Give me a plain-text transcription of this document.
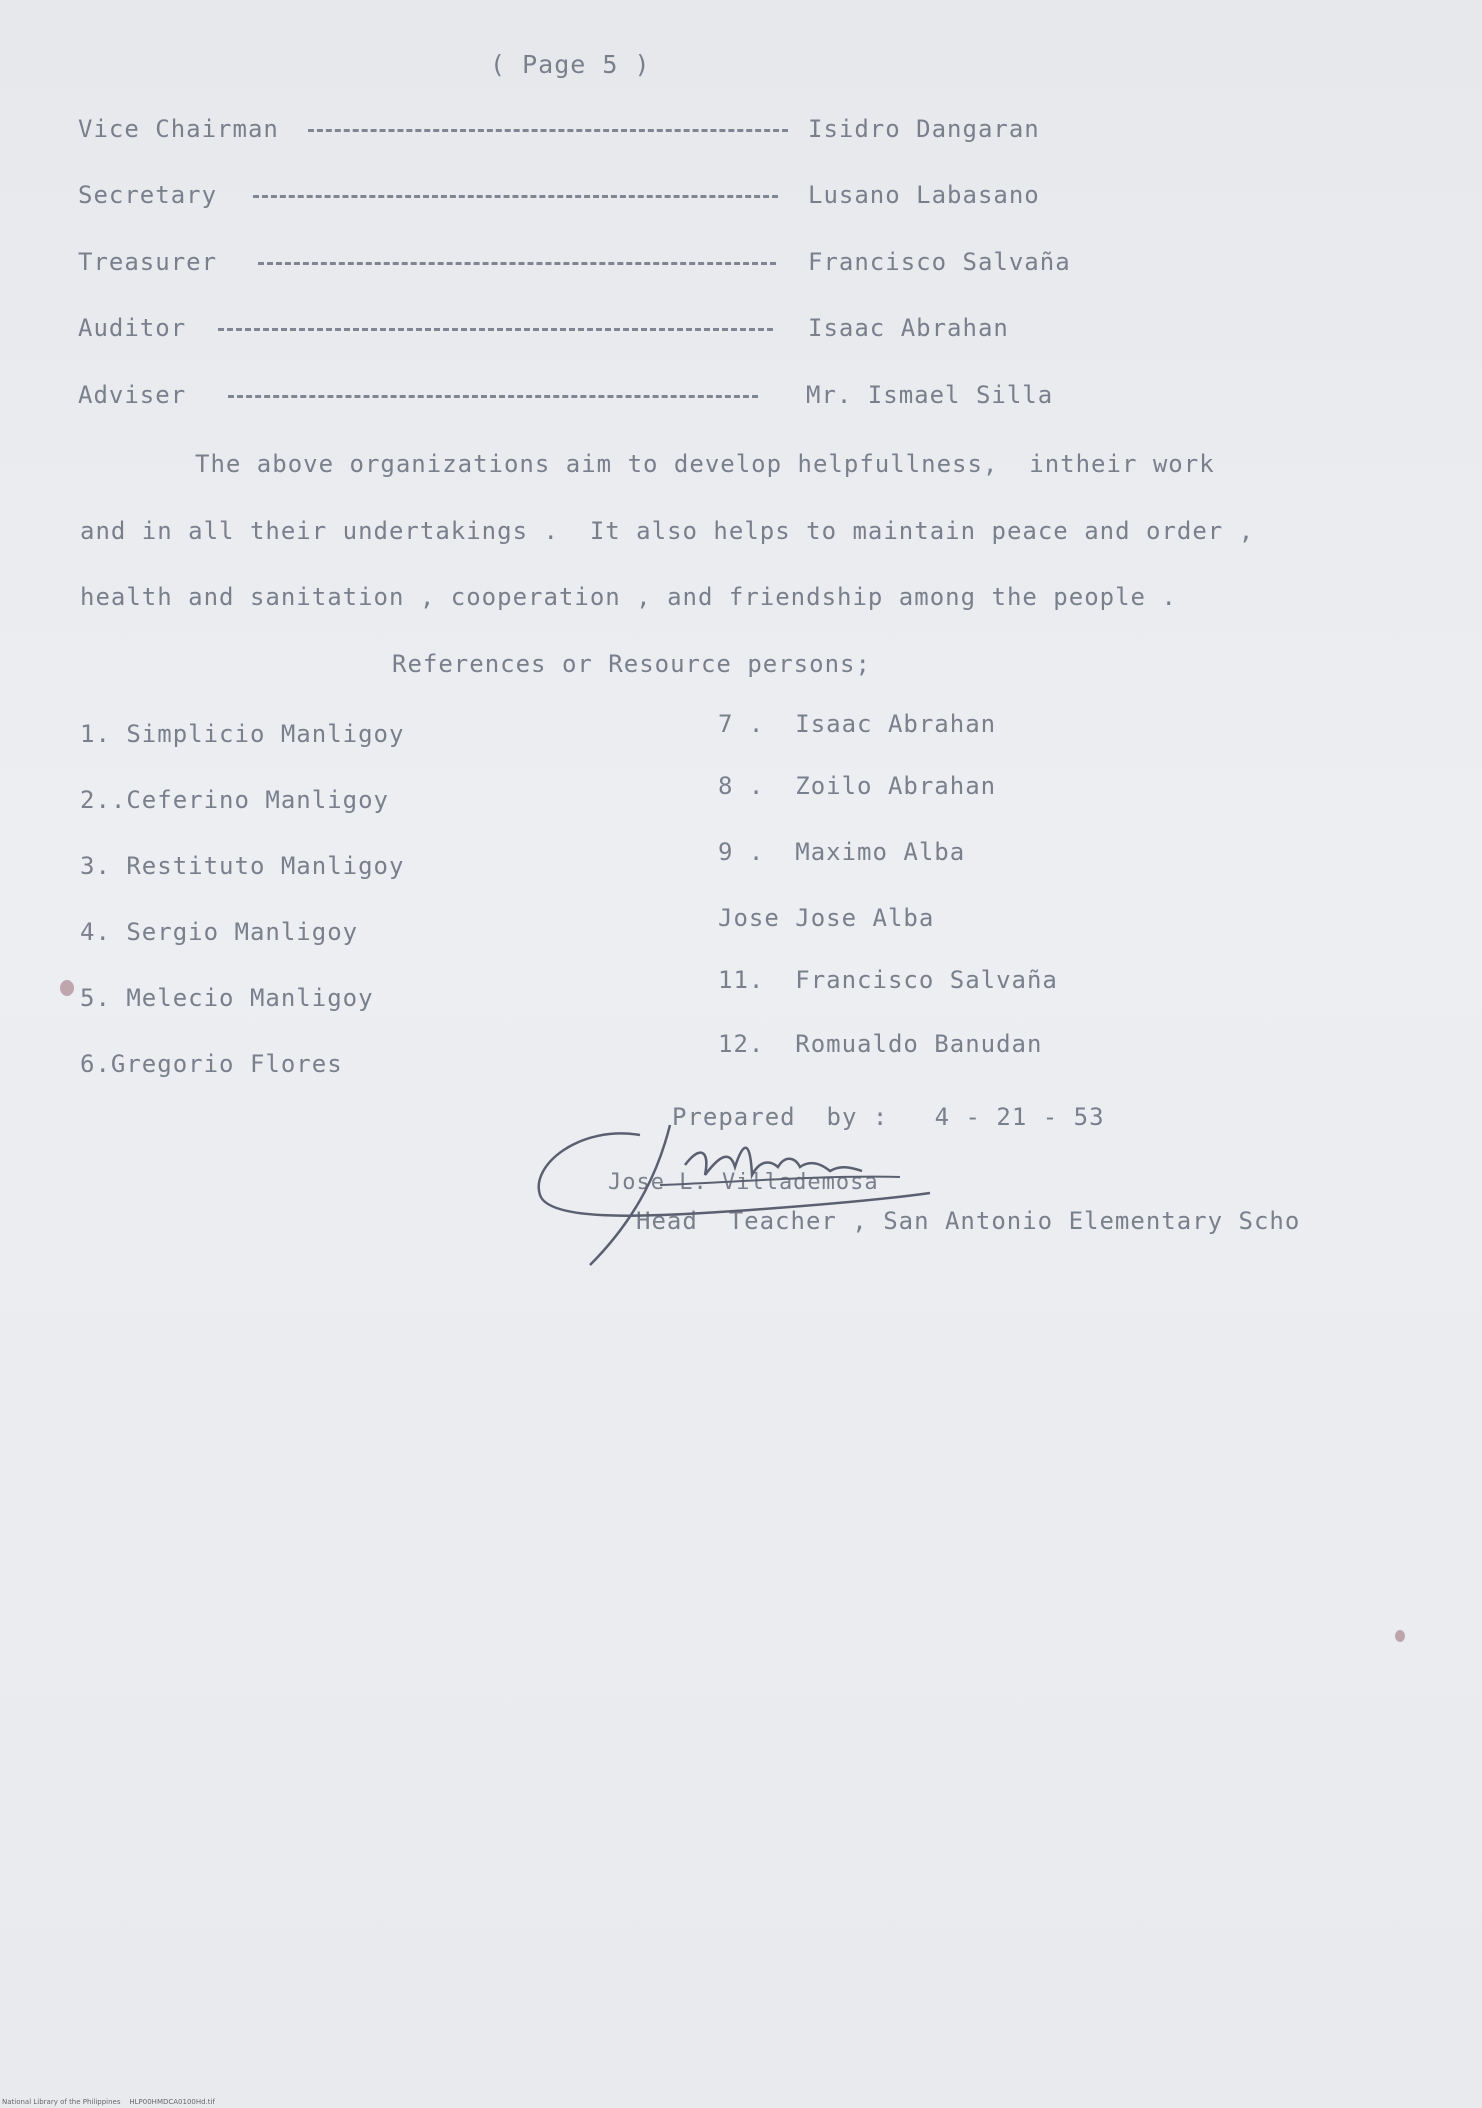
( Page 5 )
Vice Chairman	Isidro Dangaran
Secretary	Lusano Labasano
Treasurer	Francisco Salvaña
Auditor	Isaac Abrahan
Adviser	Mr. Ismael Silla
The above organizations aim to develop helpfullness,  intheir work
and in all their undertakings .  It also helps to maintain peace and order ,
health and sanitation , cooperation , and friendship among the people .
References or Resource persons;
1. Simplicio Manligoy
2..Ceferino Manligoy
3. Restituto Manligoy
4. Sergio Manligoy
5. Melecio Manligoy
6.Gregorio Flores
7 .  Isaac Abrahan
8 .  Zoilo Abrahan
9 .  Maximo Alba
Jose Jose Alba
11.  Francisco Salvaña
12.  Romualdo Banudan
Prepared  by :   4 - 21 - 53
Jose L. Villademosa
Head  Teacher , San Antonio Elementary Scho
National Library of the Philippines    HLP00HMDCA0100Hd.tif
